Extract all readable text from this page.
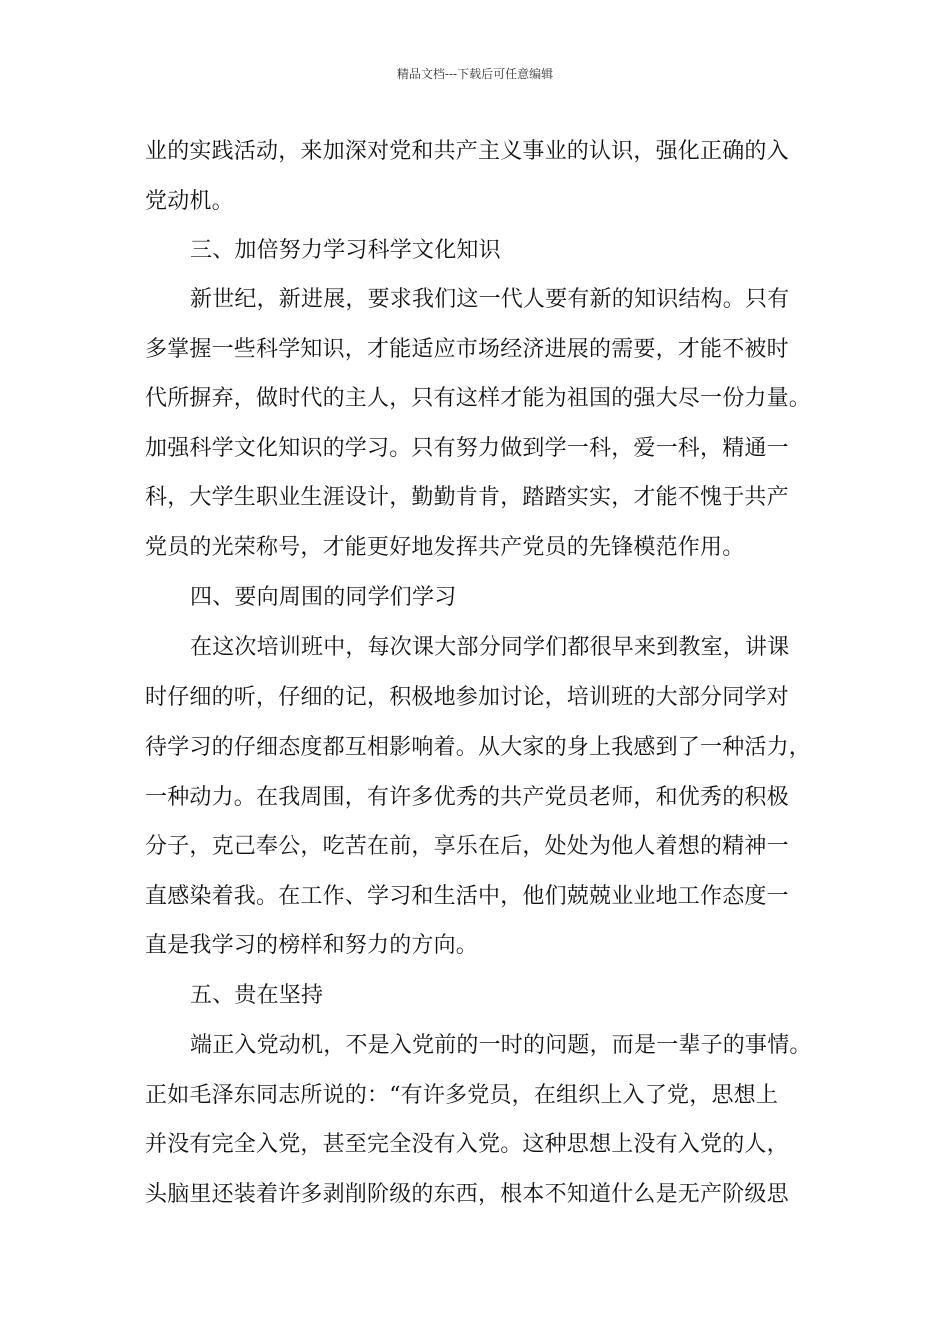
精品文档---下载后可任意编辑
业的实践活动，来加深对党和共产主义事业的认识，强化正确的入
党动机。
三、加倍努力学习科学文化知识
新世纪，新进展，要求我们这一代人要有新的知识结构。只有
多掌握一些科学知识，才能适应市场经济进展的需要，才能不被时
代所摒弃，做时代的主人，只有这样才能为祖国的强大尽一份力量。
加强科学文化知识的学习。只有努力做到学一科，爱一科，精通一
科，大学生职业生涯设计，勤勤肯肯，踏踏实实，才能不愧于共产
党员的光荣称号，才能更好地发挥共产党员的先锋模范作用。
四、要向周围的同学们学习
在这次培训班中，每次课大部分同学们都很早来到教室，讲课
时仔细的听，仔细的记，积极地参加讨论，培训班的大部分同学对
待学习的仔细态度都互相影响着。从大家的身上我感到了一种活力，
一种动力。在我周围，有许多优秀的共产党员老师，和优秀的积极
分子，克己奉公，吃苦在前，享乐在后，处处为他人着想的精神一
直感染着我。在工作、学习和生活中，他们兢兢业业地工作态度一
直是我学习的榜样和努力的方向。
五、贵在坚持
端正入党动机，不是入党前的一时的问题，而是一辈子的事情。
正如毛泽东同志所说的：“有许多党员，在组织上入了党，思想上
并没有完全入党，甚至完全没有入党。这种思想上没有入党的人，
头脑里还装着许多剥削阶级的东西，根本不知道什么是无产阶级思
